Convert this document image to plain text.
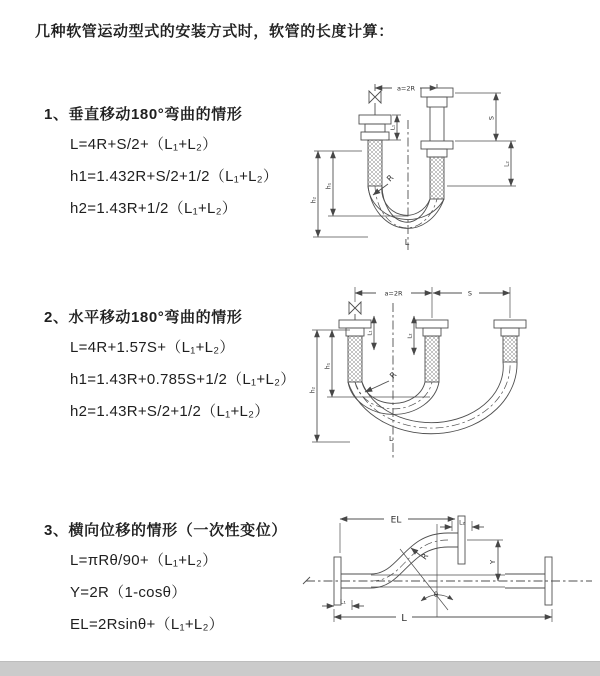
几种软管运动型式的安装方式时，软管的长度计算：
1、垂直移动180°弯曲的情形
L=4R+S/2+（L₁+L₂）
h1=1.432R+S/2+1/2（L₁+L₂）
h2=1.43R+1/2（L₁+L₂）
a=2R
h₂
h₁
S
L₂
L₁
R
L
2、水平移动180°弯曲的情形
L=4R+1.57S+（L₁+L₂）
h1=1.43R+0.785S+1/2（L₁+L₂）
h2=1.43R+S/2+1/2（L₁+L₂）
a=2R	S
h₂
h₁
L₁
L₂
R
L
3、横向位移的情形（一次性变位）
L=πRθ/90+（L₁+L₂）
Y=2R（1-cosθ）
EL=2Rsinθ+（L₁+L₂）
EL	L₂
R
θ
Y
L
L₁
